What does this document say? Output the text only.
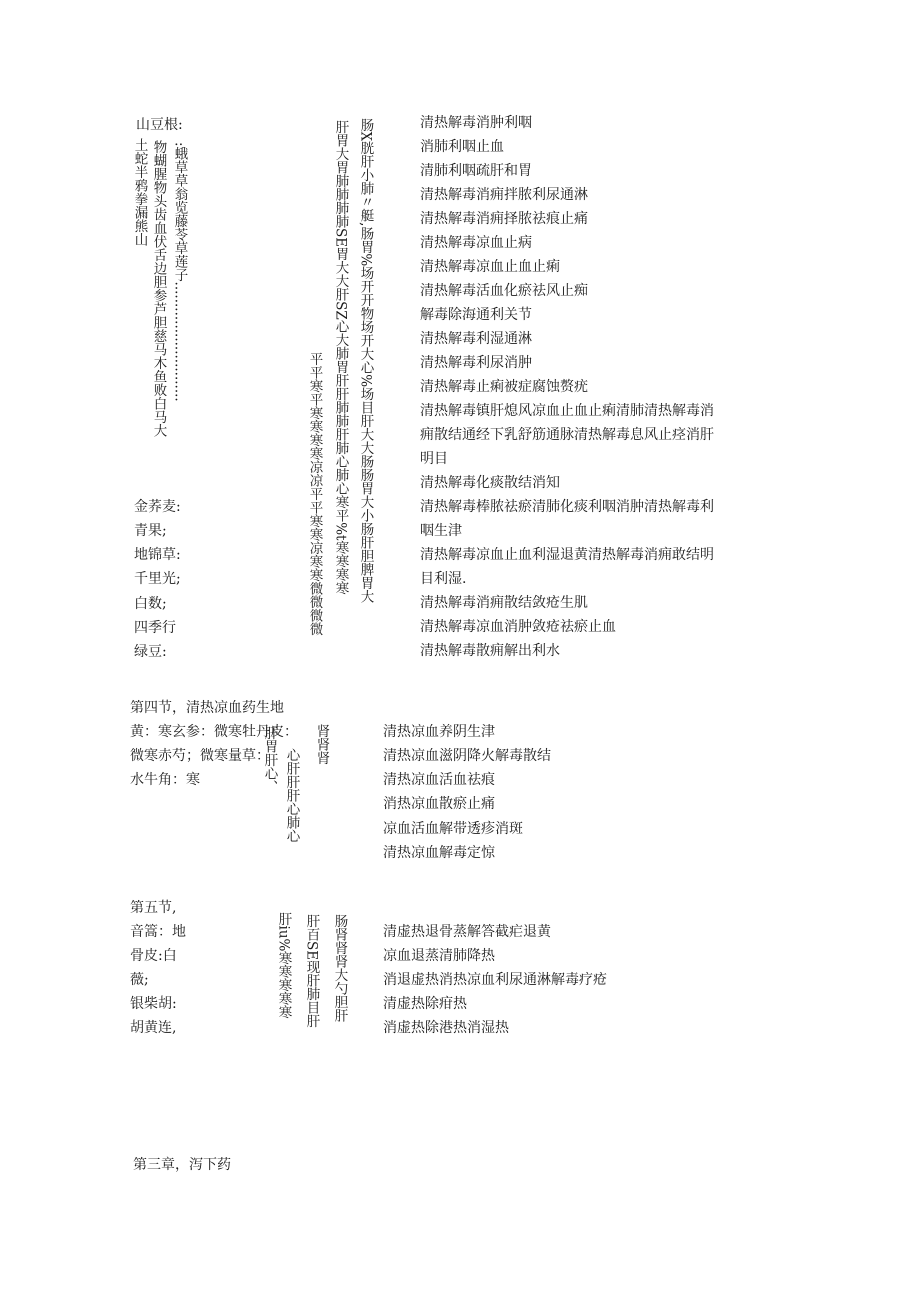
山豆根:
:蛾草草翁览藤苓草莲子............................
物蝴腥物头齿血伏舌边胆参芦胆慈马木鱼败白马大
土蛇半鸦拳漏熊山
金荞麦:
青果;
地锦草:
千里光;
白数;
四季行
绿豆:
肠X胱肝小肺〃艇,肠胃%场开开物场开大心%场目肝大大肠肠胃大小肠肝胆脾胃大
肝胃大胃肺肺肺肺SE胃大大肝SZ心大肺胃肝肝肺肺肝肺心肺心寒平%t寒寒寒寒
平平寒平寒寒寒寒凉凉平平寒寒凉寒寒微微微微
清热解毒消肿利咽
消肺利咽止血
清肺利咽疏肝和胃
清热解毒消痈拌脓利尿通淋
清热解毒消痈择脓祛痕止痛
清热解毒凉血止病
清热解毒凉血止血止痢
清热解毒活血化瘀祛风止痴
解毒除海通利关节
清热解毒利湿通淋
清热解毒利尿消肿
清热解毒止痢被症腐蚀赘疣
清热解毒镇肝熄风凉血止血止痢清肺清热解毒消
痈散结通经下乳舒筋通脉清热解毒息风止痉消肝
明目
清热解毒化痰散结消知
清热解毒棒脓祛瘀清肺化痰利咽消肿清热解毒利
咽生津
清热解毒凉血止血利湿退黄清热解毒消痈敢结明
目利湿.
清热解毒消痈散结敛疮生肌
清热解毒凉血消肿敛疮祛瘀止血
清热解毒散痈解出利水
第四节，清热凉血药生地
黄：寒玄参：微寒牡丹皮：
微寒赤芍；微寒量草：
水牛角：寒
肾肾肾
肝胃肝心、 心肝肝肝心肺心
清热凉血养阴生津
清热凉血滋阴降火解毒散结
清热凉血活血祛痕
消热凉血散瘀止痛
凉血活血解带透疹消斑
清热凉血解毒定惊
第五节,
音篙：地
骨皮:白
薇;
银柴胡:
胡黄连,
肠肾肾肾大勺胆肝
肝百SE现肝肺目肝
肝iu%寒寒寒寒寒	清虚热退骨蒸解答截疟退黄
凉血退蒸清肺降热
消退虚热消热凉血利尿通淋解毒疗疮
清虚热除疳热
消虚热除港热消湿热
第三章，泻下药
